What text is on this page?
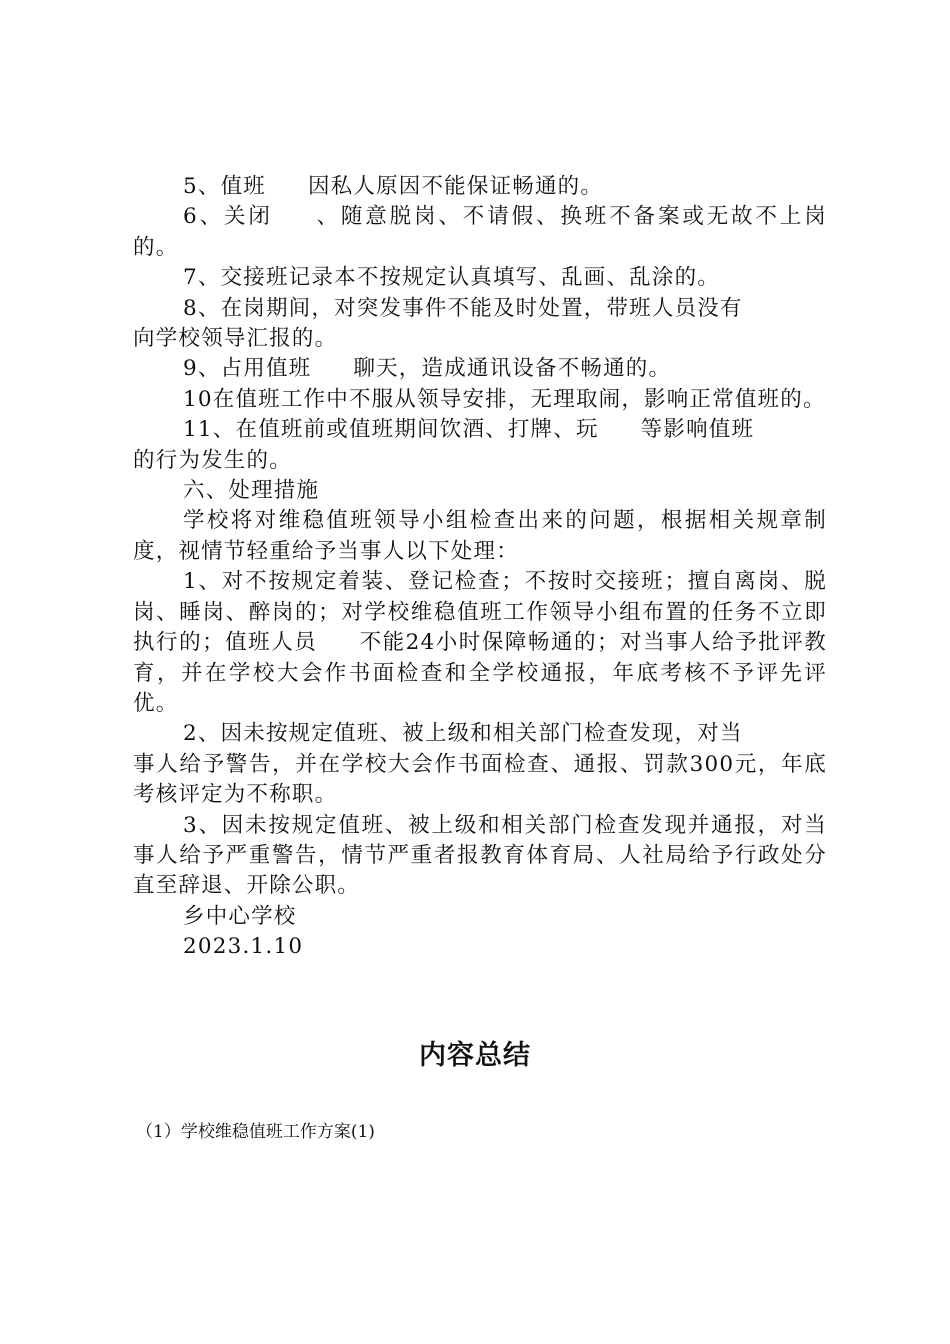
5、值班 因私人原因不能保证畅通的。

6、关闭 、随意脱岗、不请假、换班不备案或无故不上岗的。

7、交接班记录本不按规定认真填写、乱画、乱涂的。

8、在岗期间，对突发事件不能及时处置，带班人员没有

向学校领导汇报的。

9、占用值班 聊天，造成通讯设备不畅通的。

10在值班工作中不服从领导安排，无理取闹，影响正常值班的。

11、在值班前或值班期间饮酒、打牌、玩 等影响值班

的行为发生的。

六、处理措施

学校将对维稳值班领导小组检查出来的问题，根据相关规章制度，视情节轻重给予当事人以下处理：

1、对不按规定着装、登记检查；不按时交接班；擅自离岗、脱岗、睡岗、醉岗的；对学校维稳值班工作领导小组布置的任务不立即执行的；值班人员 不能24小时保障畅通的；对当事人给予批评教育，并在学校大会作书面检查和全学校通报，年底考核不予评先评优。

2、因未按规定值班、被上级和相关部门检查发现，对当

事人给予警告，并在学校大会作书面检查、通报、罚款300元，年底考核评定为不称职。

3、因未按规定值班、被上级和相关部门检查发现并通报，对当事人给予严重警告，情节严重者报教育体育局、人社局给予行政处分直至辞退、开除公职。

乡中心学校

2023.1.10

内容总结

（1）学校维稳值班工作方案(1)
